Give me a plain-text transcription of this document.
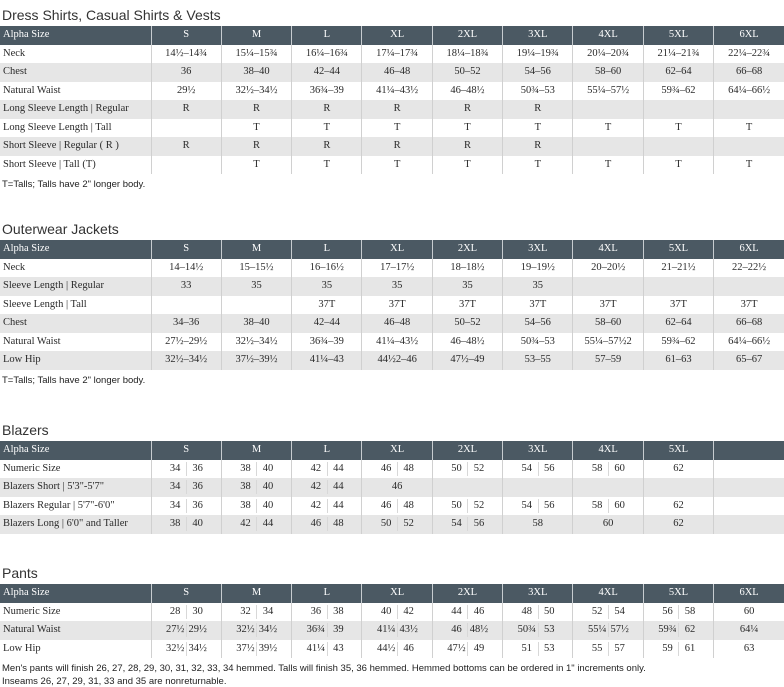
Dress Shirts, Casual Shirts & Vests
Alpha Size	S	M	L	XL	2XL	3XL	4XL	5XL	6XL
Neck	14½–14¾	15¼–15¾	16¼–16¾	17¼–17¾	18¼–18¾	19¼–19¾	20¼–20¾	21¼–21¾	22¼–22¾
Chest	36	38–40	42–44	46–48	50–52	54–56	58–60	62–64	66–68
Natural Waist	29½	32½–34½	36¾–39	41¼–43½	46–48½	50¾–53	55¼–57½	59¾–62	64¼–66½
Long Sleeve Length | Regular	R	R	R	R	R	R			
Long Sleeve Length | Tall		T	T	T	T	T	T	T	T
Short Sleeve | Regular ( R )	R	R	R	R	R	R			
Short Sleeve | Tall (T)		T	T	T	T	T	T	T	T
T=Talls; Talls have 2" longer body.
Outerwear Jackets
Alpha Size	S	M	L	XL	2XL	3XL	4XL	5XL	6XL
Neck	14–14½	15–15½	16–16½	17–17½	18–18½	19–19½	20–20½	21–21½	22–22½
Sleeve Length | Regular	33	35	35	35	35	35			
Sleeve Length | Tall			37T	37T	37T	37T	37T	37T	37T
Chest	34–36	38–40	42–44	46–48	50–52	54–56	58–60	62–64	66–68
Natural Waist	27½–29½	32½–34½	36¾–39	41¼–43½	46–48½	50¾–53	55¼–57½2	59¾–62	64¼–66½
Low Hip	32½–34½	37½–39½	41¼–43	44½2–46	47½–49	53–55	57–59	61–63	65–67
T=Talls; Talls have 2" longer body.
Blazers
Alpha Size	S	M	L	XL	2XL	3XL	4XL	5XL	
Numeric Size	34 36	38 40	42 44	46 48	50 52	54 56	58 60	62	
Blazers Short | 5'3"-5'7"	34 36	38 40	42 44	46					
Blazers Regular | 5'7"-6'0"	34 36	38 40	42 44	46 48	50 52	54 56	58 60	62	
Blazers Long | 6'0" and Taller	38 40	42 44	46 48	50 52	54 56	58	60	62	
Pants
Alpha Size	S	M	L	XL	2XL	3XL	4XL	5XL	6XL
Numeric Size	28 30	32 34	36 38	40 42	44 46	48 50	52 54	56 58	60
Natural Waist	27½ 29½	32½ 34½	36¾ 39	41¼ 43½	46 48½	50¾ 53	55¼ 57½	59¾ 62	64¼
Low Hip	32½ 34½	37½ 39½	41¼ 43	44½ 46	47½ 49	51 53	55 57	59 61	63
Men's pants will finish 26, 27, 28, 29, 30, 31, 32, 33, 34 hemmed. Talls will finish 35, 36 hemmed. Hemmed bottoms can be ordered in 1" increments only.
Inseams 26, 27, 29, 31, 33 and 35 are nonreturnable.
